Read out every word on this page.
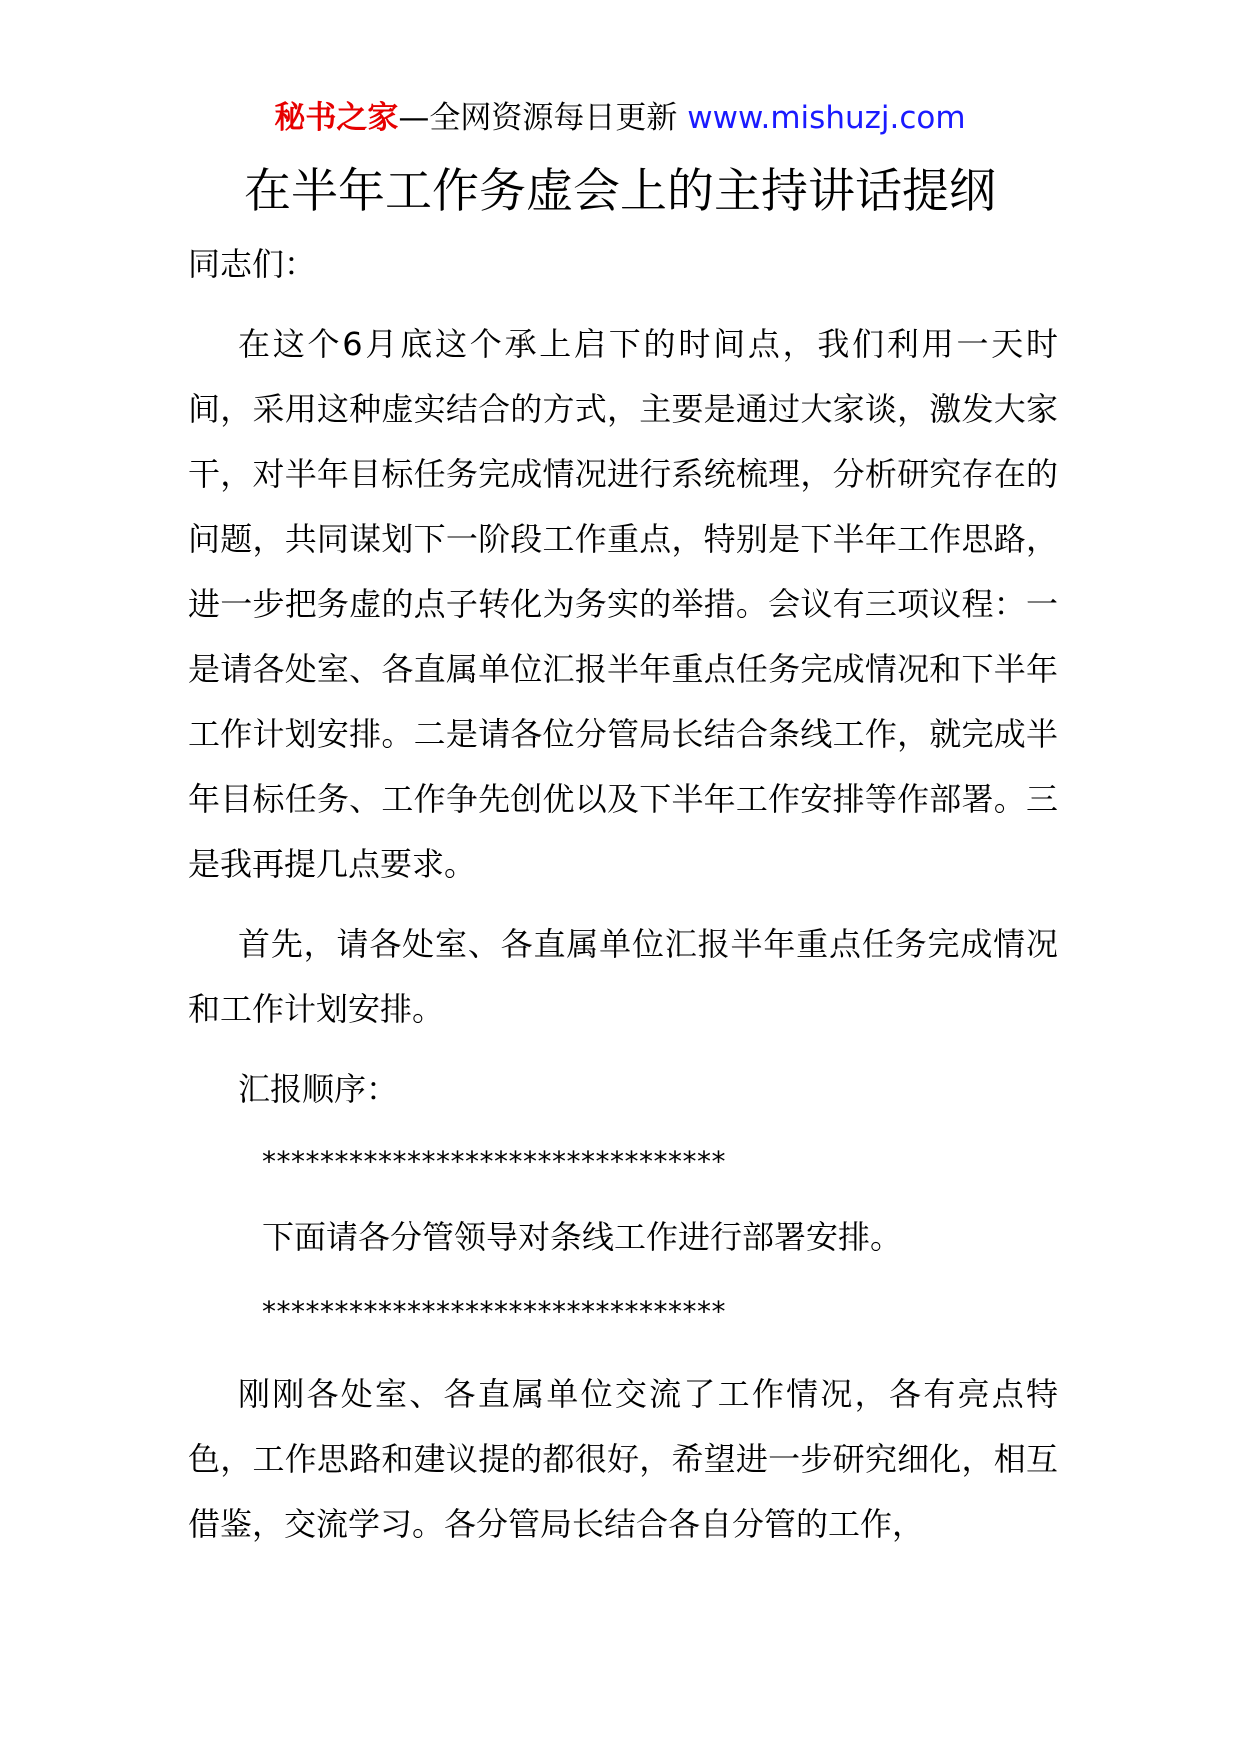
秘书之家—全网资源每日更新 www.mishuzj.com
在半年工作务虚会上的主持讲话提纲

同志们：

在这个6月底这个承上启下的时间点，我们利用一天时间，采用这种虚实结合的方式，主要是通过大家谈，激发大家干，对半年目标任务完成情况进行系统梳理，分析研究存在的问题，共同谋划下一阶段工作重点，特别是下半年工作思路，进一步把务虚的点子转化为务实的举措。会议有三项议程：一是请各处室、各直属单位汇报半年重点任务完成情况和下半年工作计划安排。二是请各位分管局长结合条线工作，就完成半年目标任务、工作争先创优以及下半年工作安排等作部署。三是我再提几点要求。

首先，请各处室、各直属单位汇报半年重点任务完成情况和工作计划安排。

汇报顺序：

********************************

下面请各分管领导对条线工作进行部署安排。

********************************

刚刚各处室、各直属单位交流了工作情况，各有亮点特色，工作思路和建议提的都很好，希望进一步研究细化，相互借鉴，交流学习。各分管局长结合各自分管的工作，
